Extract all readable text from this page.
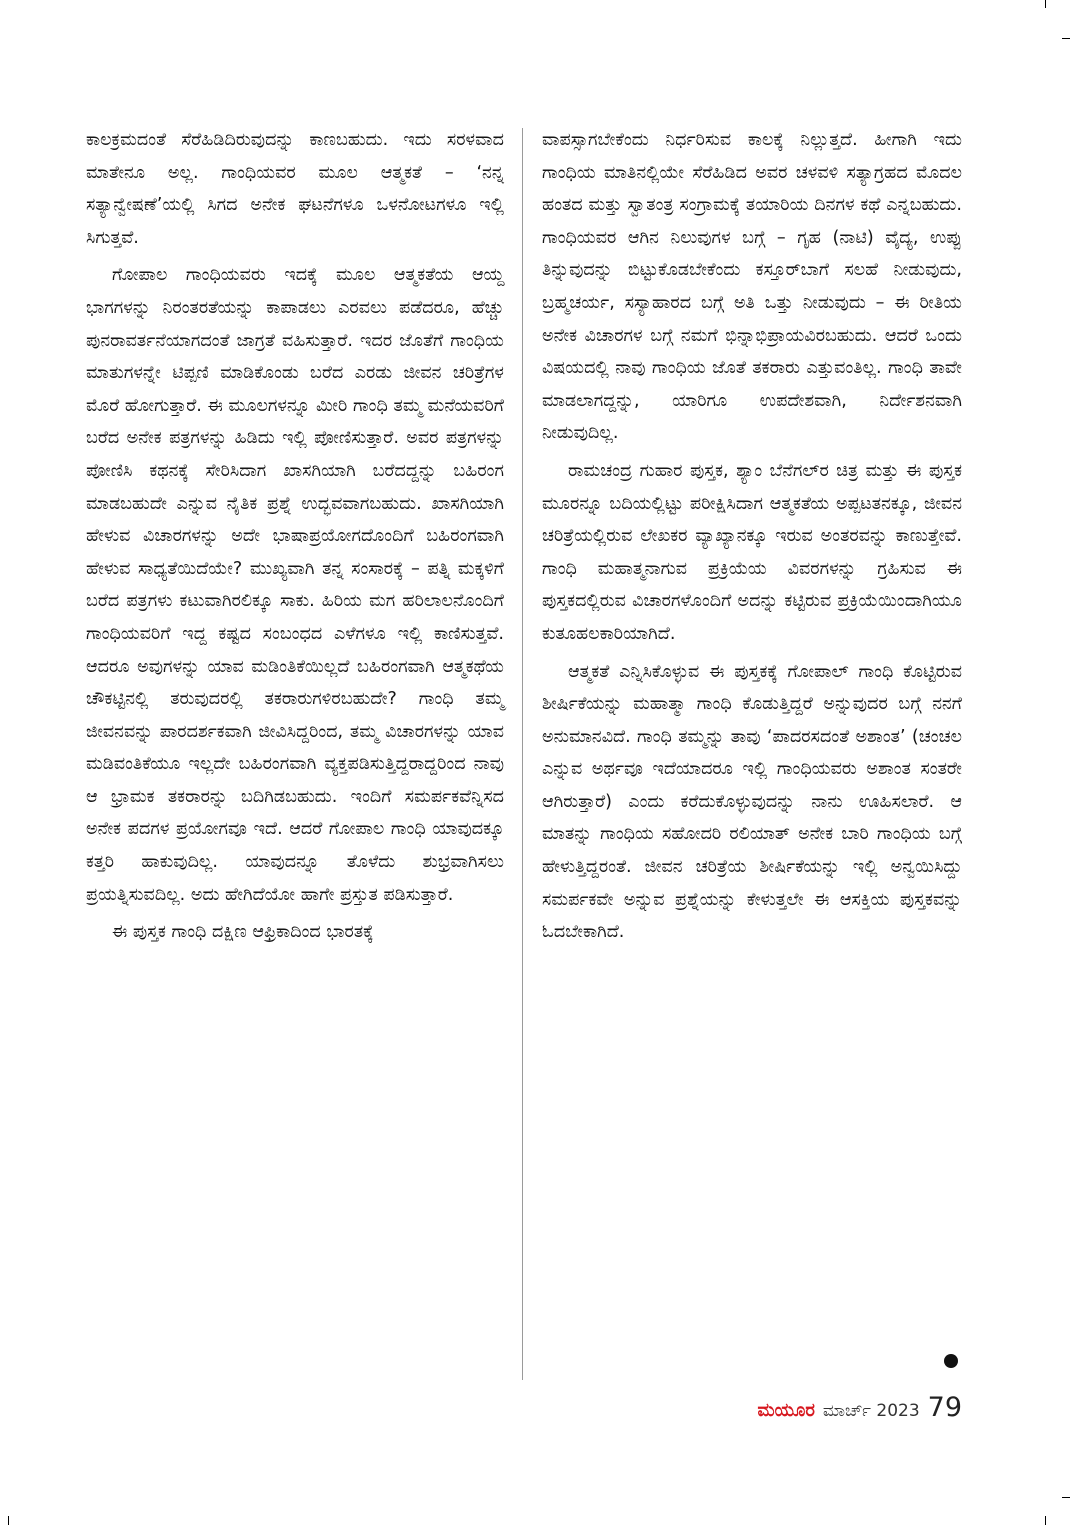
ಕಾಲಕ್ರಮದಂತೆ ಸೆರೆಹಿಡಿದಿರುವುದನ್ನು ಕಾಣಬಹುದು. ಇದು ಸರಳವಾದ ಮಾತೇನೂ ಅಲ್ಲ. ಗಾಂಧಿಯವರ ಮೂಲ ಆತ್ಮಕತೆ – ‘ನನ್ನ ಸತ್ಯಾನ್ವೇಷಣೆ’ಯಲ್ಲಿ ಸಿಗದ ಅನೇಕ ಘಟನೆಗಳೂ ಒಳನೋಟಗಳೂ ಇಲ್ಲಿ ಸಿಗುತ್ತವೆ.

ಗೋಪಾಲ ಗಾಂಧಿಯವರು ಇದಕ್ಕೆ ಮೂಲ ಆತ್ಮಕತೆಯ ಆಯ್ದ ಭಾಗಗಳನ್ನು ನಿರಂತರತೆಯನ್ನು ಕಾಪಾಡಲು ಎರವಲು ಪಡೆದರೂ, ಹೆಚ್ಚು ಪುನರಾವರ್ತನೆಯಾಗದಂತೆ ಜಾಗ್ರತೆ ವಹಿಸುತ್ತಾರೆ. ಇದರ ಜೊತೆಗೆ ಗಾಂಧಿಯ ಮಾತುಗಳನ್ನೇ ಟಿಪ್ಪಣಿ ಮಾಡಿಕೊಂಡು ಬರೆದ ಎರಡು ಜೀವನ ಚರಿತ್ರೆಗಳ ಮೊರೆ ಹೋಗುತ್ತಾರೆ. ಈ ಮೂಲಗಳನ್ನೂ ಮೀರಿ ಗಾಂಧಿ ತಮ್ಮ ಮನೆಯವರಿಗೆ ಬರೆದ ಅನೇಕ ಪತ್ರಗಳನ್ನು ಹಿಡಿದು ಇಲ್ಲಿ ಪೋಣಿಸುತ್ತಾರೆ. ಅವರ ಪತ್ರಗಳನ್ನು ಪೋಣಿಸಿ ಕಥನಕ್ಕೆ ಸೇರಿಸಿದಾಗ ಖಾಸಗಿಯಾಗಿ ಬರೆದದ್ದನ್ನು ಬಹಿರಂಗ ಮಾಡಬಹುದೇ ಎನ್ನುವ ನೈತಿಕ ಪ್ರಶ್ನೆ ಉದ್ಭವವಾಗಬಹುದು. ಖಾಸಗಿಯಾಗಿ ಹೇಳುವ ವಿಚಾರಗಳನ್ನು ಅದೇ ಭಾಷಾಪ್ರಯೋಗದೊಂದಿಗೆ ಬಹಿರಂಗವಾಗಿ ಹೇಳುವ ಸಾಧ್ಯತೆಯಿದೆಯೇ? ಮುಖ್ಯವಾಗಿ ತನ್ನ ಸಂಸಾರಕ್ಕೆ – ಪತ್ನಿ ಮಕ್ಕಳಿಗೆ ಬರೆದ ಪತ್ರಗಳು ಕಟುವಾಗಿರಲಿಕ್ಕೂ ಸಾಕು. ಹಿರಿಯ ಮಗ ಹರಿಲಾಲನೊಂದಿಗೆ ಗಾಂಧಿಯವರಿಗೆ ಇದ್ದ ಕಷ್ಟದ ಸಂಬಂಧದ ಎಳೆಗಳೂ ಇಲ್ಲಿ ಕಾಣಿಸುತ್ತವೆ. ಆದರೂ ಅವುಗಳನ್ನು ಯಾವ ಮಡಿಂತಿಕೆಯಿಲ್ಲದೆ ಬಹಿರಂಗವಾಗಿ ಆತ್ಮಕಥೆಯ ಚೌಕಟ್ಟಿನಲ್ಲಿ ತರುವುದರಲ್ಲಿ ತಕರಾರುಗಳಿರಬಹುದೇ? ಗಾಂಧಿ ತಮ್ಮ ಜೀವನವನ್ನು ಪಾರದರ್ಶಕವಾಗಿ ಜೀವಿಸಿದ್ದರಿಂದ, ತಮ್ಮ ವಿಚಾರಗಳನ್ನು ಯಾವ ಮಡಿವಂತಿಕೆಯೂ ಇಲ್ಲದೇ ಬಹಿರಂಗವಾಗಿ ವ್ಯಕ್ತಪಡಿಸುತ್ತಿದ್ದರಾದ್ದರಿಂದ ನಾವು ಆ ಭ್ರಾಮಕ ತಕರಾರನ್ನು ಬದಿಗಿಡಬಹುದು. ಇಂದಿಗೆ ಸಮರ್ಪಕವೆನ್ನಿಸದ ಅನೇಕ ಪದಗಳ ಪ್ರಯೋಗವೂ ಇದೆ. ಆದರೆ ಗೋಪಾಲ ಗಾಂಧಿ ಯಾವುದಕ್ಕೂ ಕತ್ತರಿ ಹಾಕುವುದಿಲ್ಲ. ಯಾವುದನ್ನೂ ತೊಳೆದು ಶುಭ್ರವಾಗಿಸಲು ಪ್ರಯತ್ನಿಸುವದಿಲ್ಲ. ಅದು ಹೇಗಿದೆಯೋ ಹಾಗೇ ಪ್ರಸ್ತುತ ಪಡಿಸುತ್ತಾರೆ.

ಈ ಪುಸ್ತಕ ಗಾಂಧಿ ದಕ್ಷಿಣ ಆಫ್ರಿಕಾದಿಂದ ಭಾರತಕ್ಕೆ

ವಾಪಸ್ಸಾಗಬೇಕೆಂದು ನಿರ್ಧರಿಸುವ ಕಾಲಕ್ಕೆ ನಿಲ್ಲುತ್ತದೆ. ಹೀಗಾಗಿ ಇದು ಗಾಂಧಿಯ ಮಾತಿನಲ್ಲಿಯೇ ಸೆರೆಹಿಡಿದ ಅವರ ಚಳವಳಿ ಸತ್ಯಾಗ್ರಹದ ಮೊದಲ ಹಂತದ ಮತ್ತು ಸ್ವಾತಂತ್ರ ಸಂಗ್ರಾಮಕ್ಕೆ ತಯಾರಿಯ ದಿನಗಳ ಕಥೆ ಎನ್ನಬಹುದು. ಗಾಂಧಿಯವರ ಆಗಿನ ನಿಲುವುಗಳ ಬಗ್ಗೆ – ಗೃಹ (ನಾಟಿ) ವೈದ್ಯ, ಉಪ್ಪು ತಿನ್ನುವುದನ್ನು ಬಿಟ್ಟುಕೊಡಬೇಕೆಂದು ಕಸ್ತೂರ್‌ಬಾಗೆ ಸಲಹೆ ನೀಡುವುದು, ಬ್ರಹ್ಮಚರ್ಯ, ಸಸ್ಯಾಹಾರದ ಬಗ್ಗೆ ಅತಿ ಒತ್ತು ನೀಡುವುದು – ಈ ರೀತಿಯ ಅನೇಕ ವಿಚಾರಗಳ ಬಗ್ಗೆ ನಮಗೆ ಭಿನ್ನಾಭಿಪ್ರಾಯವಿರಬಹುದು. ಆದರೆ ಒಂದು ವಿಷಯದಲ್ಲಿ ನಾವು ಗಾಂಧಿಯ ಜೊತೆ ತಕರಾರು ಎತ್ತುವಂತಿಲ್ಲ. ಗಾಂಧಿ ತಾವೇ ಮಾಡಲಾಗದ್ದನ್ನು, ಯಾರಿಗೂ ಉಪದೇಶವಾಗಿ, ನಿರ್ದೇಶನವಾಗಿ ನೀಡುವುದಿಲ್ಲ.

ರಾಮಚಂದ್ರ ಗುಹಾರ ಪುಸ್ತಕ, ಶ್ಯಾಂ ಬೆನೆಗಲ್‌ರ ಚಿತ್ರ ಮತ್ತು ಈ ಪುಸ್ತಕ ಮೂರನ್ನೂ ಬದಿಯಲ್ಲಿಟ್ಟು ಪರೀಕ್ಷಿಸಿದಾಗ ಆತ್ಮಕತೆಯ ಅಪ್ಪಟತನಕ್ಕೂ, ಜೀವನ ಚರಿತ್ರೆಯಲ್ಲಿರುವ ಲೇಖಕರ ವ್ಯಾಖ್ಯಾನಕ್ಕೂ ಇರುವ ಅಂತರವನ್ನು ಕಾಣುತ್ತೇವೆ. ಗಾಂಧಿ ಮಹಾತ್ಮನಾಗುವ ಪ್ರಕ್ರಿಯೆಯ ವಿವರಗಳನ್ನು ಗ್ರಹಿಸುವ ಈ ಪುಸ್ತಕದಲ್ಲಿರುವ ವಿಚಾರಗಳೊಂದಿಗೆ ಅದನ್ನು ಕಟ್ಟಿರುವ ಪ್ರಕ್ರಿಯೆಯಿಂದಾಗಿಯೂ ಕುತೂಹಲಕಾರಿಯಾಗಿದೆ.

ಆತ್ಮಕತೆ ಎನ್ನಿಸಿಕೊಳ್ಳುವ ಈ ಪುಸ್ತಕಕ್ಕೆ ಗೋಪಾಲ್ ಗಾಂಧಿ ಕೊಟ್ಟಿರುವ ಶೀರ್ಷಿಕೆಯನ್ನು ಮಹಾತ್ಮಾ ಗಾಂಧಿ ಕೊಡುತ್ತಿದ್ದರೆ ಅನ್ನುವುದರ ಬಗ್ಗೆ ನನಗೆ ಅನುಮಾನವಿದೆ. ಗಾಂಧಿ ತಮ್ಮನ್ನು ತಾವು ‘ಪಾದರಸದಂತೆ ಅಶಾಂತ’ (ಚಂಚಲ ಎನ್ನುವ ಅರ್ಥವೂ ಇದೆಯಾದರೂ ಇಲ್ಲಿ ಗಾಂಧಿಯವರು ಅಶಾಂತ ಸಂತರೇ ಆಗಿರುತ್ತಾರೆ) ಎಂದು ಕರೆದುಕೊಳ್ಳುವುದನ್ನು ನಾನು ಊಹಿಸಲಾರೆ. ಆ ಮಾತನ್ನು ಗಾಂಧಿಯ ಸಹೋದರಿ ರಲಿಯಾತ್ ಅನೇಕ ಬಾರಿ ಗಾಂಧಿಯ ಬಗ್ಗೆ ಹೇಳುತ್ತಿದ್ದರಂತೆ. ಜೀವನ ಚರಿತ್ರೆಯ ಶೀರ್ಷಿಕೆಯನ್ನು ಇಲ್ಲಿ ಅನ್ವಯಿಸಿದ್ದು ಸಮರ್ಪಕವೇ ಅನ್ನುವ ಪ್ರಶ್ನೆಯನ್ನು ಕೇಳುತ್ತಲೇ ಈ ಆಸಕ್ತಿಯ ಪುಸ್ತಕವನ್ನು ಓದಬೇಕಾಗಿದೆ.

ಮಯೂರ ಮಾರ್ಚ್ 2023 79
